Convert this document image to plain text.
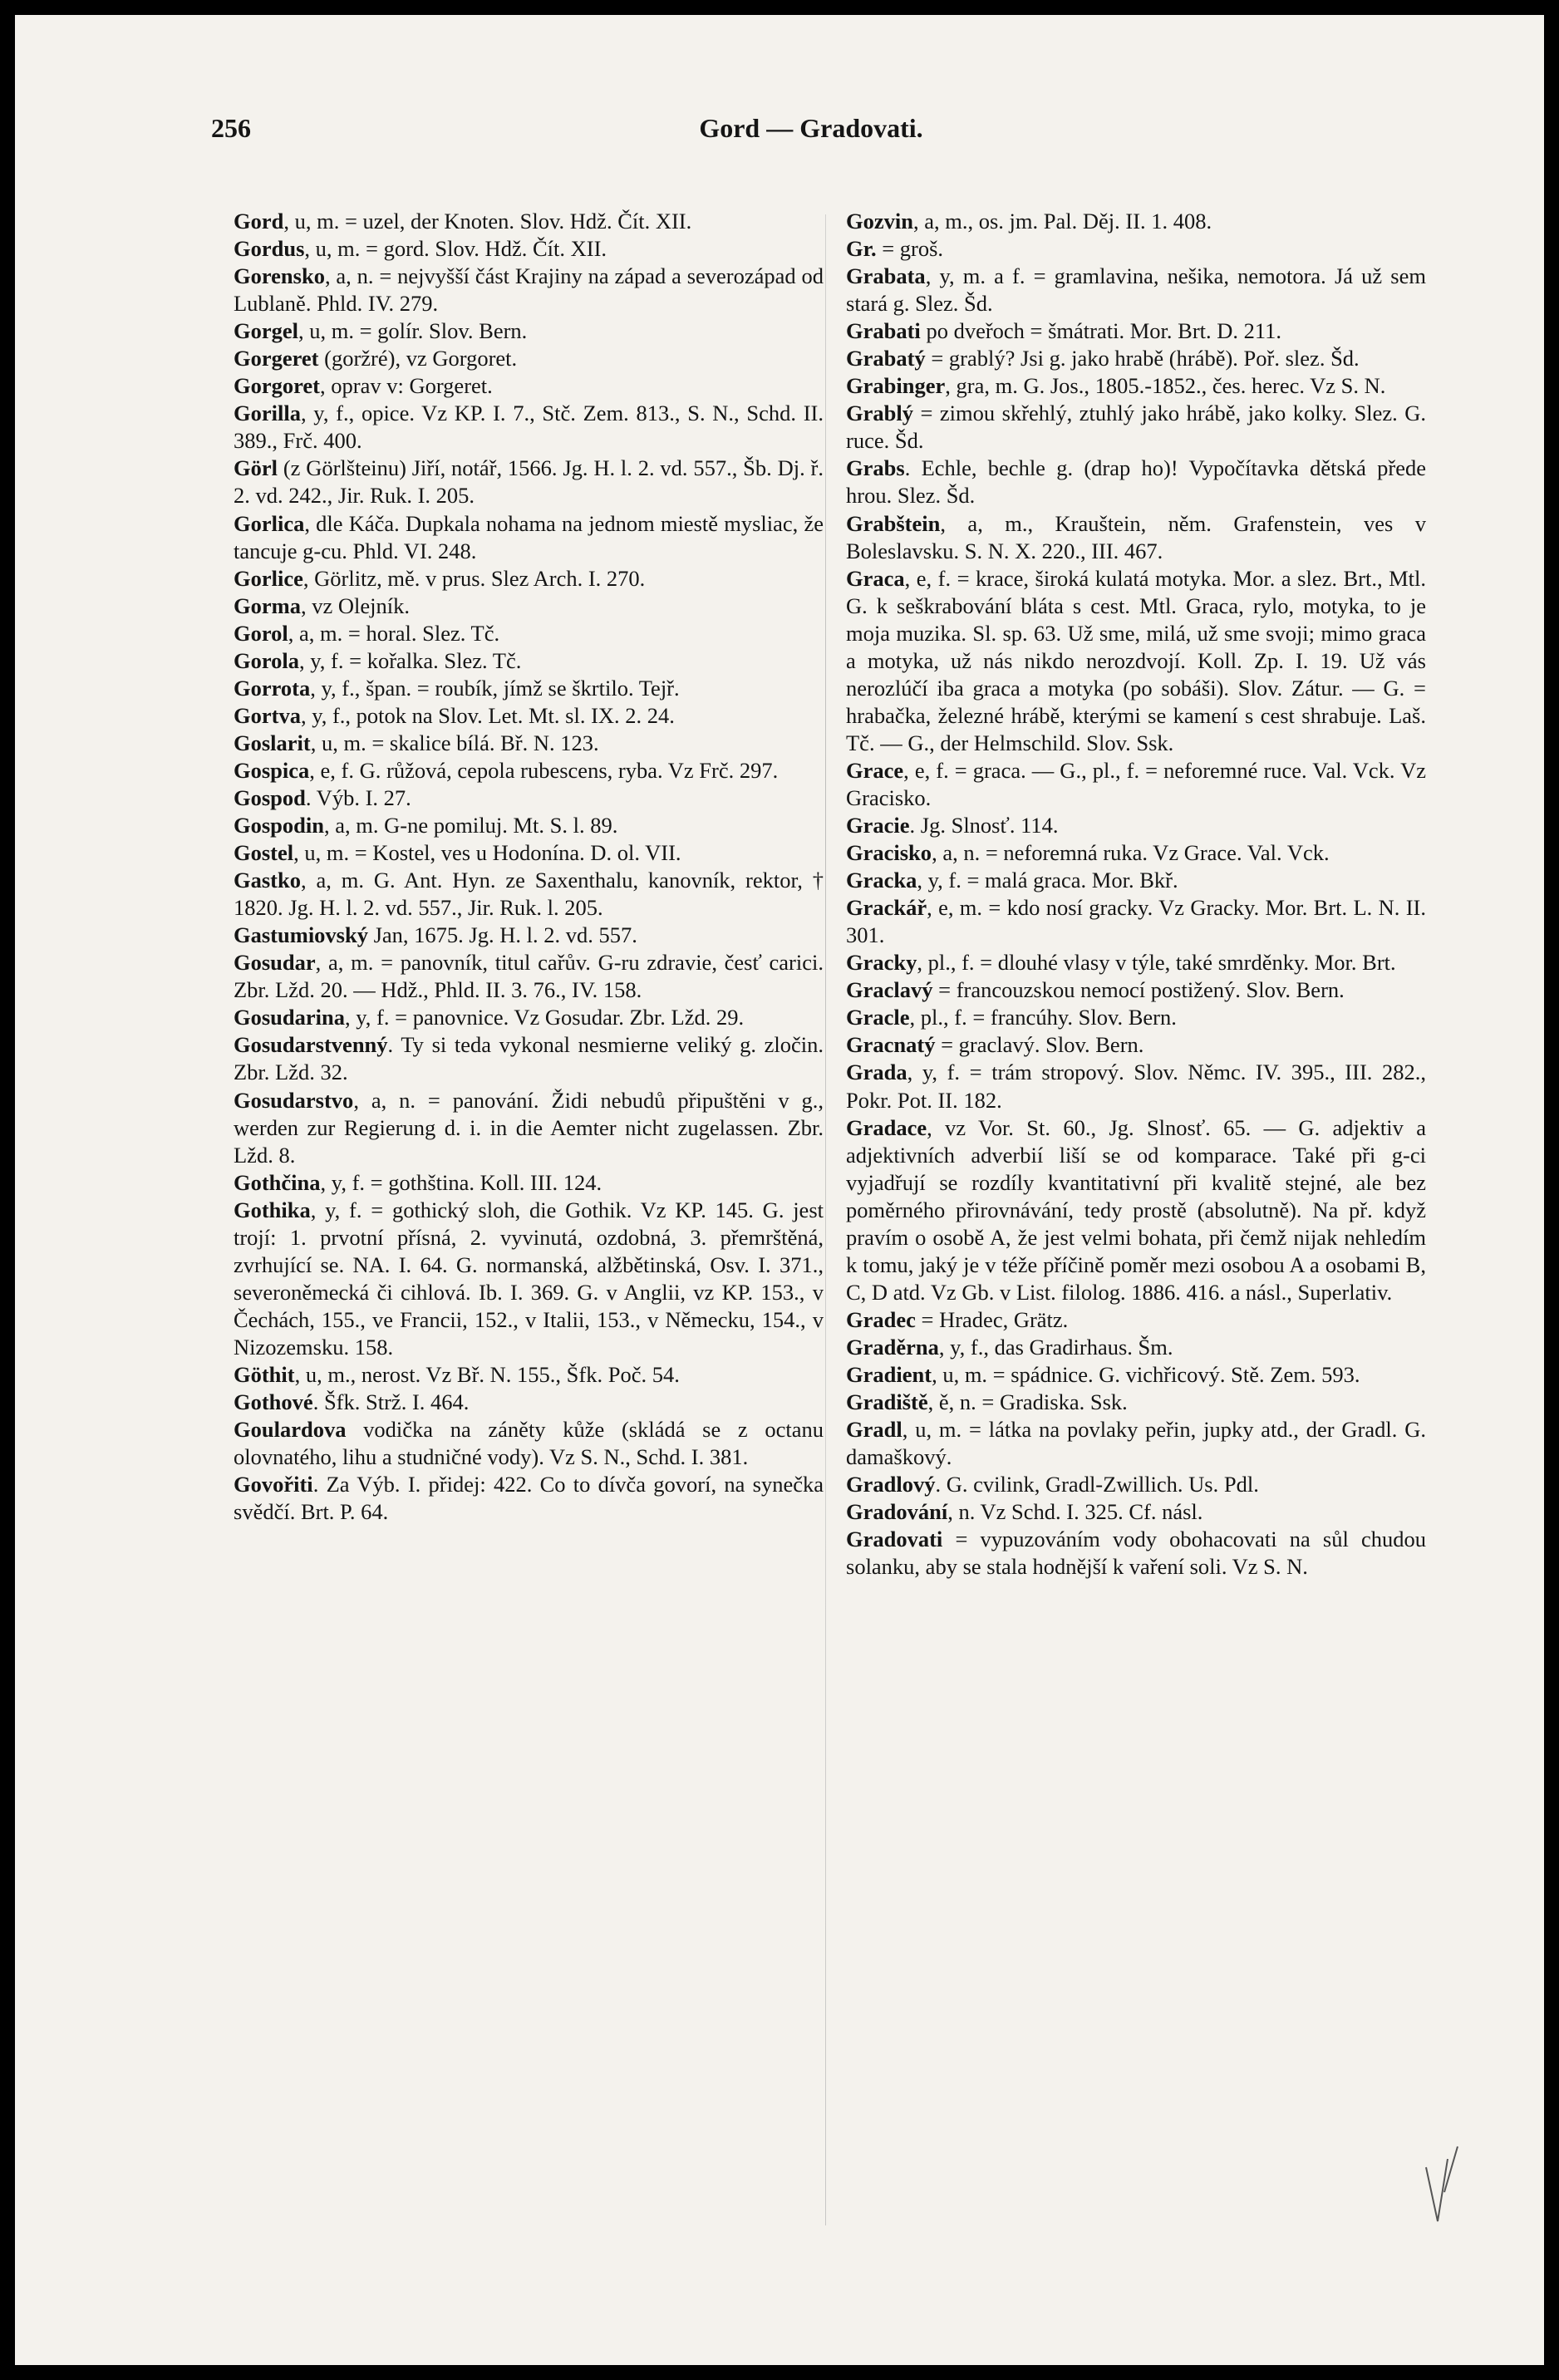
256	Gord — Gradovati.
Gord, u, m. = uzel, der Knoten. Slov. Hdž. Čít. XII.
Gordus, u, m. = gord. Slov. Hdž. Čít. XII.
Gorensko, a, n. = nejvyšší část Krajiny na západ a severozápad od Lublaně. Phld. IV. 279.
Gorgel, u, m. = golír. Slov. Bern.
Gorgeret (goržré), vz Gorgoret.
Gorgoret, oprav v: Gorgeret.
Gorilla, y, f., opice. Vz KP. I. 7., Stč. Zem. 813., S. N., Schd. II. 389., Frč. 400.
Görl (z Görlšteinu) Jiří, notář, 1566. Jg. H. l. 2. vd. 557., Šb. Dj. ř. 2. vd. 242., Jir. Ruk. I. 205.
Gorlica, dle Káča. Dupkala nohama na jednom miestě mysliac, že tancuje g-cu. Phld. VI. 248.
Gorlice, Görlitz, mě. v prus. Slez Arch. I. 270.
Gorma, vz Olejník.
Gorol, a, m. = horal. Slez. Tč.
Gorola, y, f. = kořalka. Slez. Tč.
Gorrota, y, f., špan. = roubík, jímž se škrtilo. Tejř.
Gortva, y, f., potok na Slov. Let. Mt. sl. IX. 2. 24.
Goslarit, u, m. = skalice bílá. Bř. N. 123.
Gospica, e, f. G. růžová, cepola rubescens, ryba. Vz Frč. 297.
Gospod. Výb. I. 27.
Gospodin, a, m. G-ne pomiluj. Mt. S. l. 89.
Gostel, u, m. = Kostel, ves u Hodonína. D. ol. VII.
Gastko, a, m. G. Ant. Hyn. ze Saxenthalu, kanovník, rektor, † 1820. Jg. H. l. 2. vd. 557., Jir. Ruk. l. 205.
Gastumiovský Jan, 1675. Jg. H. l. 2. vd. 557.
Gosudar, a, m. = panovník, titul cařův. G-ru zdravie, česť carici. Zbr. Lžd. 20. — Hdž., Phld. II. 3. 76., IV. 158.
Gosudarina, y, f. = panovnice. Vz Gosudar. Zbr. Lžd. 29.
Gosudarstvenný. Ty si teda vykonal nesmierne veliký g. zločin. Zbr. Lžd. 32.
Gosudarstvo, a, n. = panování. Židi nebudů připuštěni v g., werden zur Regierung d. i. in die Aemter nicht zugelassen. Zbr. Lžd. 8.
Gothčina, y, f. = gothština. Koll. III. 124.
Gothika, y, f. = gothický sloh, die Gothik. Vz KP. 145. G. jest trojí: 1. prvotní přísná, 2. vyvinutá, ozdobná, 3. přemrštěná, zvrhující se. NA. I. 64. G. normanská, alžbětinská, Osv. I. 371., severoněmecká či cihlová. Ib. I. 369. G. v Anglii, vz KP. 153., v Čechách, 155., ve Francii, 152., v Italii, 153., v Německu, 154., v Nizozemsku. 158.
Göthit, u, m., nerost. Vz Bř. N. 155., Šfk. Poč. 54.
Gothové. Šfk. Strž. I. 464.
Goulardova vodička na záněty kůže (skládá se z octanu olovnatého, lihu a studničné vody). Vz S. N., Schd. I. 381.
Govořiti. Za Výb. I. přidej: 422. Co to dívča govorí, na synečka svědčí. Brt. P. 64.
Gozvin, a, m., os. jm. Pal. Děj. II. 1. 408.
Gr. = groš.
Grabata, y, m. a f. = gramlavina, nešika, nemotora. Já už sem stará g. Slez. Šd.
Grabati po dveřoch = šmátrati. Mor. Brt. D. 211.
Grabatý = grablý? Jsi g. jako hrabě (hrábě). Poř. slez. Šd.
Grabinger, gra, m. G. Jos., 1805.-1852., čes. herec. Vz S. N.
Grablý = zimou skřehlý, ztuhlý jako hrábě, jako kolky. Slez. G. ruce. Šd.
Grabs. Echle, bechle g. (drap ho)! Vypočítavka dětská přede hrou. Slez. Šd.
Grabštein, a, m., Krauštein, něm. Grafenstein, ves v Boleslavsku. S. N. X. 220., III. 467.
Graca, e, f. = krace, široká kulatá motyka. Mor. a slez. Brt., Mtl. G. k seškrabování bláta s cest. Mtl. Graca, rylo, motyka, to je moja muzika. Sl. sp. 63. Už sme, milá, už sme svoji; mimo graca a motyka, už nás nikdo nerozdvojí. Koll. Zp. I. 19. Už vás nerozlúčí iba graca a motyka (po sobáši). Slov. Zátur. — G. = hrabačka, železné hrábě, kterými se kamení s cest shrabuje. Laš. Tč. — G., der Helmschild. Slov. Ssk.
Grace, e, f. = graca. — G., pl., f. = neforemné ruce. Val. Vck. Vz Gracisko.
Gracie. Jg. Slnosť. 114.
Gracisko, a, n. = neforemná ruka. Vz Grace. Val. Vck.
Gracka, y, f. = malá graca. Mor. Bkř.
Grackář, e, m. = kdo nosí gracky. Vz Gracky. Mor. Brt. L. N. II. 301.
Gracky, pl., f. = dlouhé vlasy v týle, také smrděnky. Mor. Brt.
Graclavý = francouzskou nemocí postižený. Slov. Bern.
Gracle, pl., f. = francúhy. Slov. Bern.
Gracnatý = graclavý. Slov. Bern.
Grada, y, f. = trám stropový. Slov. Němc. IV. 395., III. 282., Pokr. Pot. II. 182.
Gradace, vz Vor. St. 60., Jg. Slnosť. 65. — G. adjektiv a adjektivních adverbií liší se od komparace. Také při g-ci vyjadřují se rozdíly kvantitativní při kvalitě stejné, ale bez poměrného přirovnávání, tedy prostě (absolutně). Na př. když pravím o osobě A, že jest velmi bohata, při čemž nijak nehledím k tomu, jaký je v téže příčině poměr mezi osobou A a osobami B, C, D atd. Vz Gb. v List. filolog. 1886. 416. a násl., Superlativ.
Gradec = Hradec, Grätz.
Graděrna, y, f., das Gradirhaus. Šm.
Gradient, u, m. = spádnice. G. vichřicový. Stě. Zem. 593.
Gradiště, ě, n. = Gradiska. Ssk.
Gradl, u, m. = látka na povlaky peřin, jupky atd., der Gradl. G. damaškový.
Gradlový. G. cvilink, Gradl-Zwillich. Us. Pdl.
Gradování, n. Vz Schd. I. 325. Cf. násl.
Gradovati = vypuzováním vody obohacovati na sůl chudou solanku, aby se stala hodnější k vaření soli. Vz S. N.
